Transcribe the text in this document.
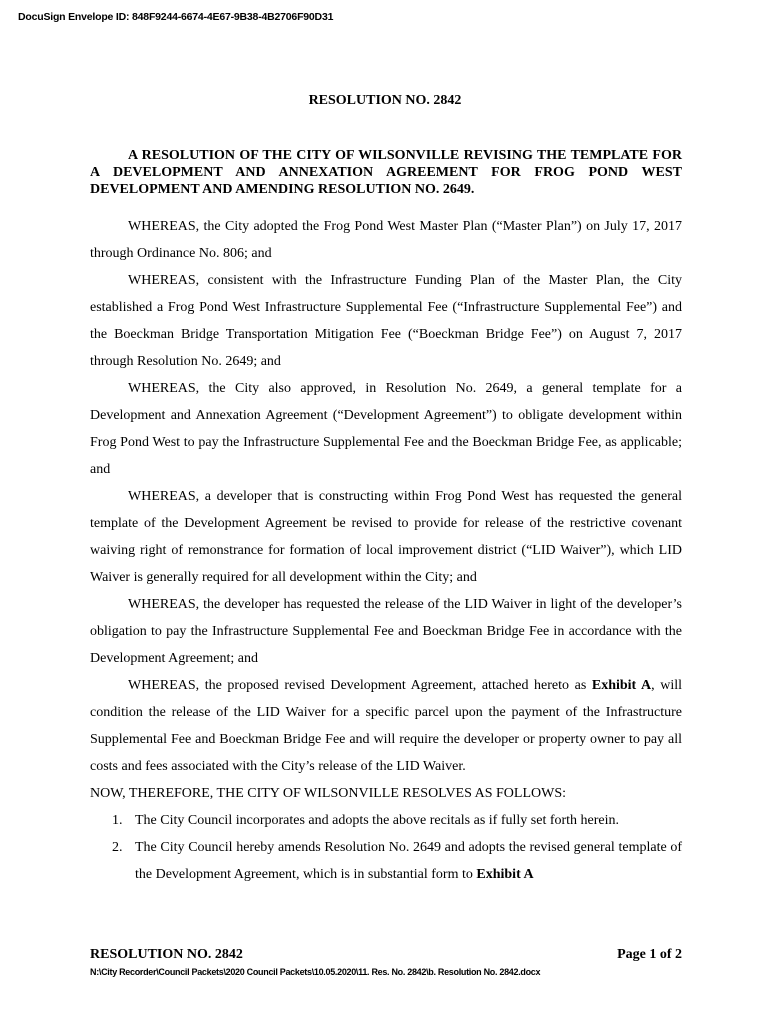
DocuSign Envelope ID: 848F9244-6674-4E67-9B38-4B2706F90D31
RESOLUTION NO. 2842
A RESOLUTION OF THE CITY OF WILSONVILLE REVISING THE TEMPLATE FOR A DEVELOPMENT AND ANNEXATION AGREEMENT FOR FROG POND WEST DEVELOPMENT AND AMENDING RESOLUTION NO. 2649.

WHEREAS, the City adopted the Frog Pond West Master Plan (“Master Plan”) on July 17, 2017 through Ordinance No. 806; and

WHEREAS, consistent with the Infrastructure Funding Plan of the Master Plan, the City established a Frog Pond West Infrastructure Supplemental Fee (“Infrastructure Supplemental Fee”) and the Boeckman Bridge Transportation Mitigation Fee (“Boeckman Bridge Fee”) on August 7, 2017 through Resolution No. 2649; and

WHEREAS, the City also approved, in Resolution No. 2649, a general template for a Development and Annexation Agreement (“Development Agreement”) to obligate development within Frog Pond West to pay the Infrastructure Supplemental Fee and the Boeckman Bridge Fee, as applicable; and

WHEREAS, a developer that is constructing within Frog Pond West has requested the general template of the Development Agreement be revised to provide for release of the restrictive covenant waiving right of remonstrance for formation of local improvement district (“LID Waiver”), which LID Waiver is generally required for all development within the City; and

WHEREAS, the developer has requested the release of the LID Waiver in light of the developer’s obligation to pay the Infrastructure Supplemental Fee and Boeckman Bridge Fee in accordance with the Development Agreement; and

WHEREAS, the proposed revised Development Agreement, attached hereto as Exhibit A, will condition the release of the LID Waiver for a specific parcel upon the payment of the Infrastructure Supplemental Fee and Boeckman Bridge Fee and will require the developer or property owner to pay all costs and fees associated with the City’s release of the LID Waiver.

NOW, THEREFORE, THE CITY OF WILSONVILLE RESOLVES AS FOLLOWS:

1. The City Council incorporates and adopts the above recitals as if fully set forth herein.

2. The City Council hereby amends Resolution No. 2649 and adopts the revised general template of the Development Agreement, which is in substantial form to Exhibit A

RESOLUTION NO. 2842	Page 1 of 2
N:\City Recorder\Council Packets\2020 Council Packets\10.05.2020\11. Res. No. 2842\b. Resolution No. 2842.docx
